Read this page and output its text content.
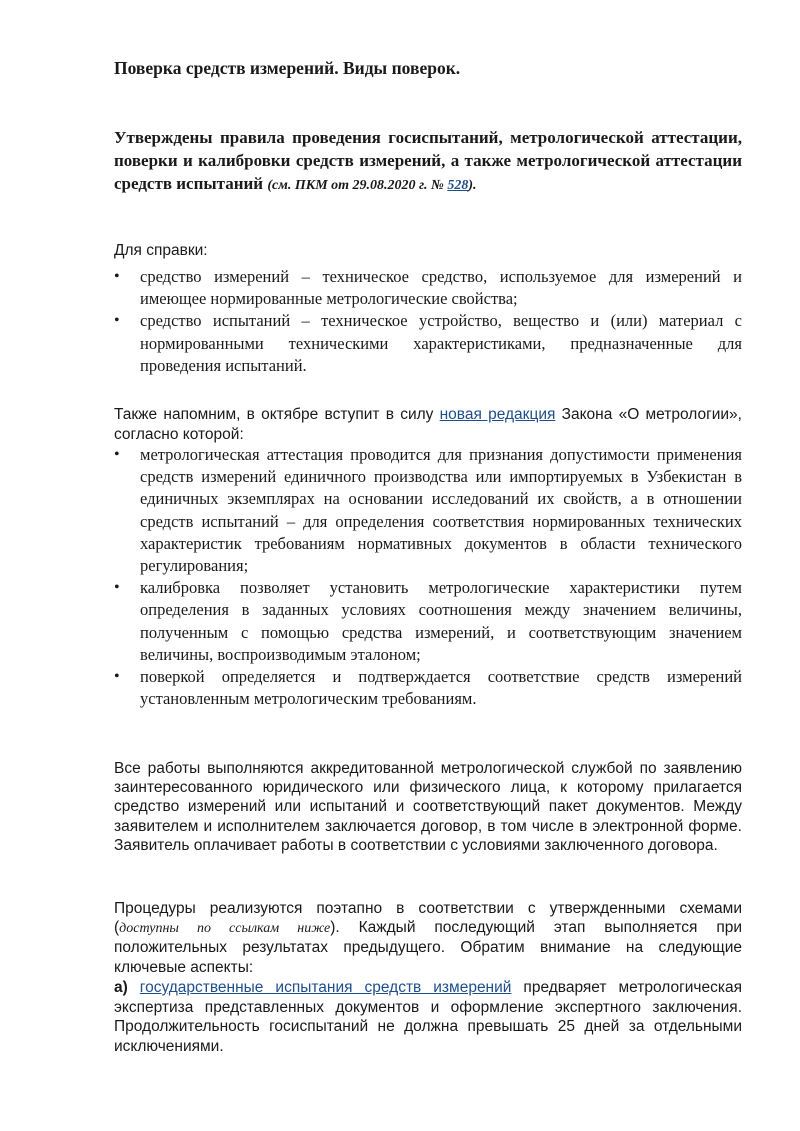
Поверка средств измерений. Виды поверок.
Утверждены правила проведения госиспытаний, метрологической аттестации, поверки и калибровки средств измерений, а также метрологической аттестации средств испытаний (см. ПКМ от 29.08.2020 г. № 528).
Для справки:
• средство измерений – техническое средство, используемое для измерений и имеющее нормированные метрологические свойства;
• средство испытаний – техническое устройство, вещество и (или) материал с нормированными техническими характеристиками, предназначенные для проведения испытаний.
Также напомним, в октябре вступит в силу новая редакция Закона «О метрологии», согласно которой:
• метрологическая аттестация проводится для признания допустимости применения средств измерений единичного производства или импортируемых в Узбекистан в единичных экземплярах на основании исследований их свойств, а в отношении средств испытаний – для определения соответствия нормированных технических характеристик требованиям нормативных документов в области технического регулирования;
• калибровка позволяет установить метрологические характеристики путем определения в заданных условиях соотношения между значением величины, полученным с помощью средства измерений, и соответствующим значением величины, воспроизводимым эталоном;
• поверкой определяется и подтверждается соответствие средств измерений установленным метрологическим требованиям.
Все работы выполняются аккредитованной метрологической службой по заявлению заинтересованного юридического или физического лица, к которому прилагается средство измерений или испытаний и соответствующий пакет документов. Между заявителем и исполнителем заключается договор, в том числе в электронной форме. Заявитель оплачивает работы в соответствии с условиями заключенного договора.
Процедуры реализуются поэтапно в соответствии с утвержденными схемами (доступны по ссылкам ниже). Каждый последующий этап выполняется при положительных результатах предыдущего. Обратим внимание на следующие ключевые аспекты:
а) государственные испытания средств измерений предваряет метрологическая экспертиза представленных документов и оформление экспертного заключения. Продолжительность госиспытаний не должна превышать 25 дней за отдельными исключениями.
